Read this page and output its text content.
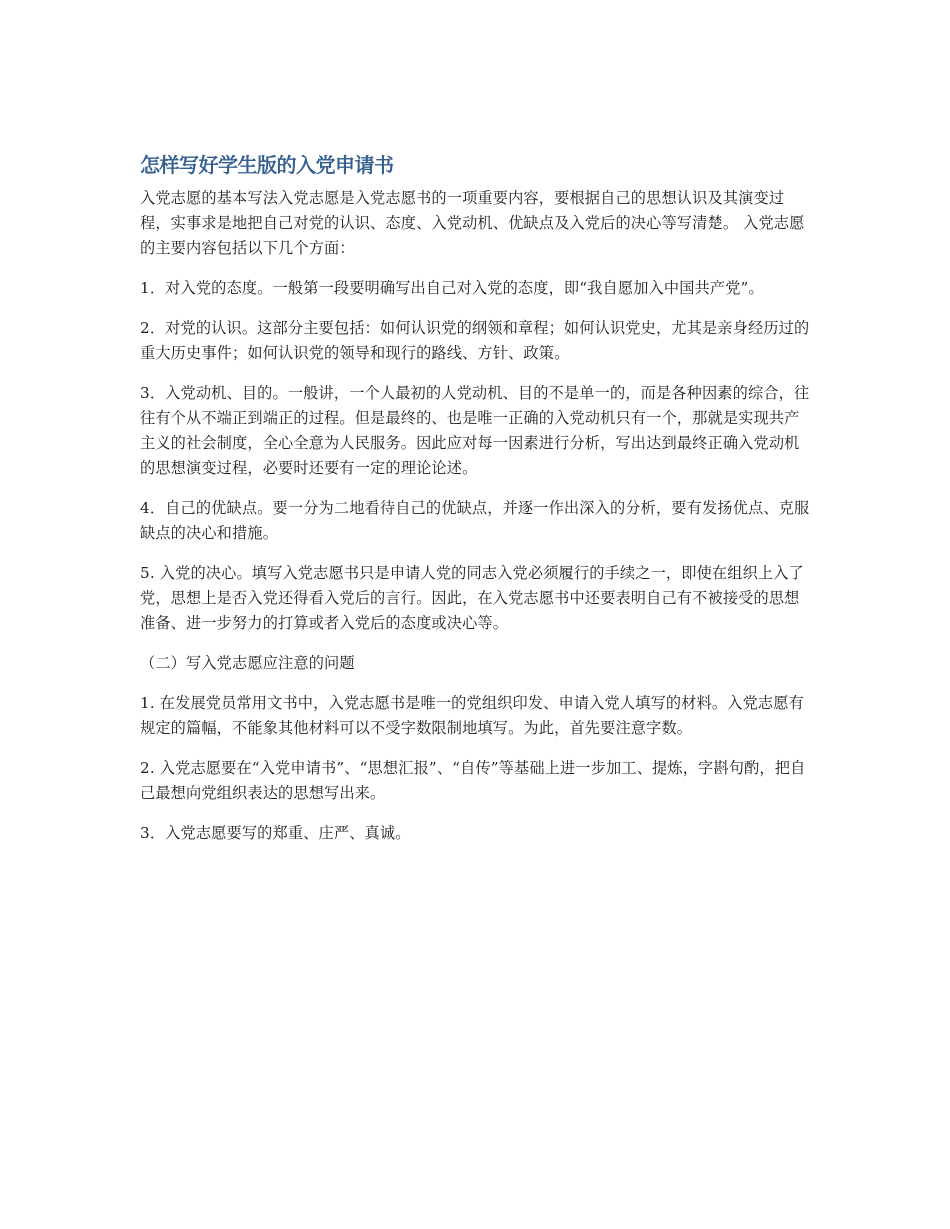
怎样写好学生版的入党申请书

入党志愿的基本写法入党志愿是入党志愿书的一项重要内容，要根据自己的思想认识及其演变过程，实事求是地把自己对党的认识、态度、入党动机、优缺点及入党后的决心等写清楚。 入党志愿的主要内容包括以下几个方面：

1．对入党的态度。一般第一段要明确写出自己对入党的态度，即“我自愿加入中国共产党”。

2．对党的认识。这部分主要包括：如何认识党的纲领和章程；如何认识党史，尤其是亲身经历过的重大历史事件；如何认识党的领导和现行的路线、方针、政策。

3．入党动机、目的。一般讲，一个人最初的人党动机、目的不是单一的，而是各种因素的综合，往往有个从不端正到端正的过程。但是最终的、也是唯一正确的入党动机只有一个，那就是实现共产主义的社会制度，全心全意为人民服务。因此应对每一因素进行分析，写出达到最终正确入党动机的思想演变过程，必要时还要有一定的理论论述。

4．自己的优缺点。要一分为二地看待自己的优缺点，并逐一作出深入的分析，要有发扬优点、克服缺点的决心和措施。

5. 入党的决心。填写入党志愿书只是申请人党的同志入党必须履行的手续之一，即使在组织上入了党，思想上是否入党还得看入党后的言行。因此，在入党志愿书中还要表明自己有不被接受的思想准备、进一步努力的打算或者入党后的态度或决心等。

（二）写入党志愿应注意的问题

1. 在发展党员常用文书中，入党志愿书是唯一的党组织印发、申请入党人填写的材料。入党志愿有规定的篇幅，不能象其他材料可以不受字数限制地填写。为此，首先要注意字数。

2. 入党志愿要在“入党申请书”、“思想汇报”、“自传”等基础上进一步加工、提炼，字斟句酌，把自己最想向党组织表达的思想写出来。

3．入党志愿要写的郑重、庄严、真诚。
